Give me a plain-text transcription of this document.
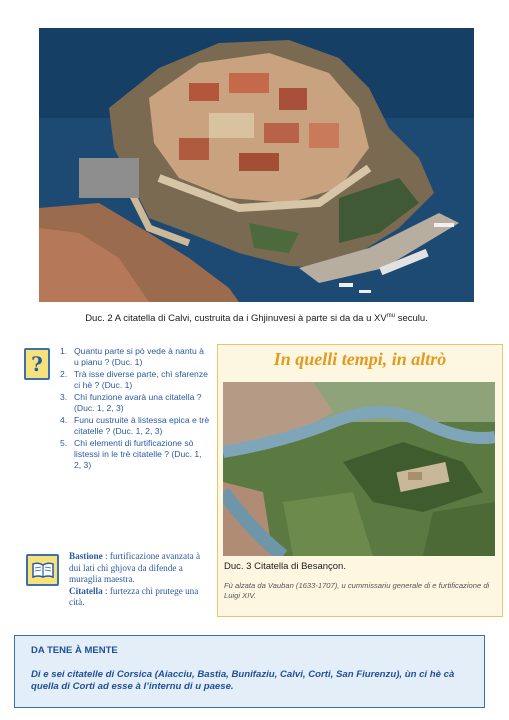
Duc. 2 A citatella di Calvi, custruita da i Ghjinuvesi à parte si da da u $XV^{mu}$ seculu.
?
1. Quantu parte si pò vede à nantu à u pianu ? (Duc. 1)
2. Trà isse diverse parte, chì sfarenze ci hè ? (Duc. 1)
3. Chì funzione avarà una citatella ? (Duc. 1, 2, 3)
4. Funu custruite à listessa epica e trè citatelle ? (Duc. 1, 2, 3)
5. Chì elementi di furtificazione sò listessi in le trè citatelle ? (Duc. 1, 2, 3)

Bastione : furtificazione avanzata à dui lati chì ghjova da difende a muraglia maestra.

Citatella : furtezza chì prutege una cità.

In quelli tempi, in altrò
Duc. 3 Citatella di Besançon.
Fù alzata da Vauban (1633-1707), u cummissariu generale di e furtificazione di Luigi XIV.
DA TENE À MENTE
Di e sei citatelle di Corsica (Aiacciu, Bastia, Bunifaziu, Calvi, Corti, San Fiurenzu), ùn ci hè cà quella di Corti ad esse à l’internu di u paese.
